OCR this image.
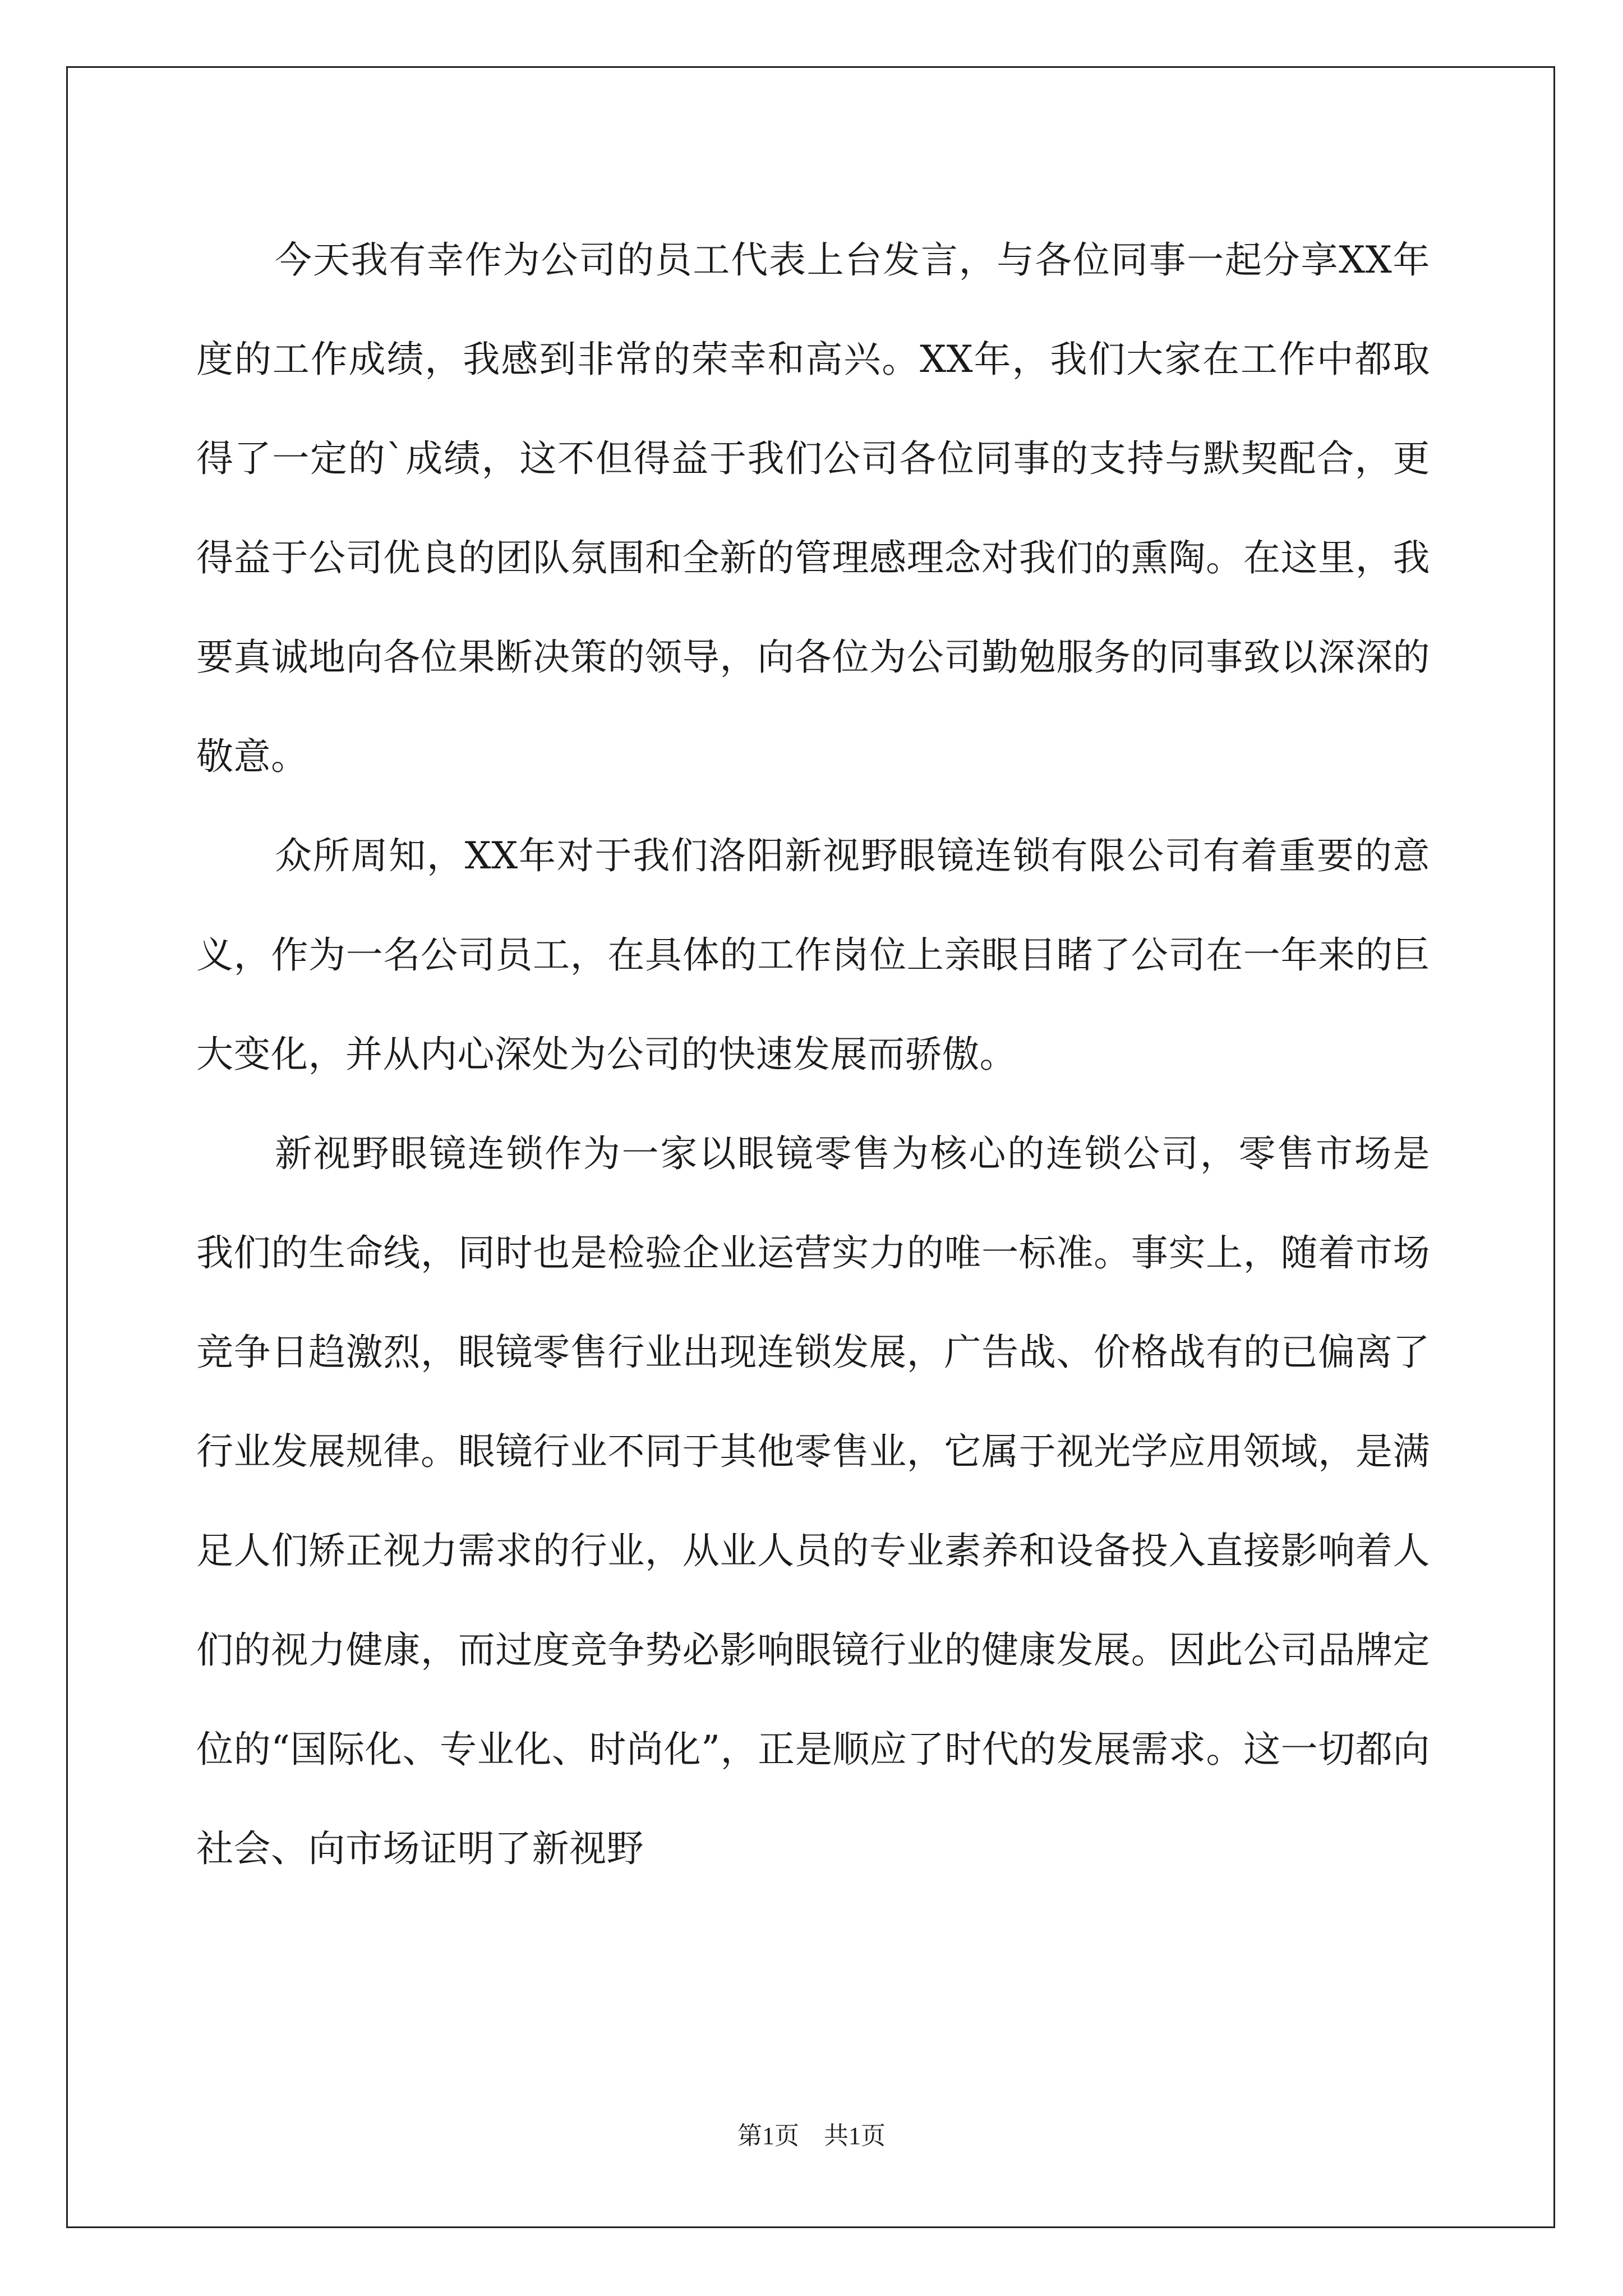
今天我有幸作为公司的员工代表上台发言，与各位同事一起分享XX年度的工作成绩，我感到非常的荣幸和高兴。XX年，我们大家在工作中都取得了一定的`成绩，这不但得益于我们公司各位同事的支持与默契配合，更得益于公司优良的团队氛围和全新的管理感理念对我们的熏陶。在这里，我要真诚地向各位果断决策的领导，向各位为公司勤勉服务的同事致以深深的敬意。

众所周知，XX年对于我们洛阳新视野眼镜连锁有限公司有着重要的意义，作为一名公司员工，在具体的工作岗位上亲眼目睹了公司在一年来的巨大变化，并从内心深处为公司的快速发展而骄傲。

新视野眼镜连锁作为一家以眼镜零售为核心的连锁公司，零售市场是我们的生命线，同时也是检验企业运营实力的唯一标准。事实上，随着市场竞争日趋激烈，眼镜零售行业出现连锁发展，广告战、价格战有的已偏离了行业发展规律。眼镜行业不同于其他零售业，它属于视光学应用领域，是满足人们矫正视力需求的行业，从业人员的专业素养和设备投入直接影响着人们的视力健康，而过度竞争势必影响眼镜行业的健康发展。因此公司品牌定位的“国际化、专业化、时尚化”，正是顺应了时代的发展需求。这一切都向社会、向市场证明了新视野

第1页　共1页
